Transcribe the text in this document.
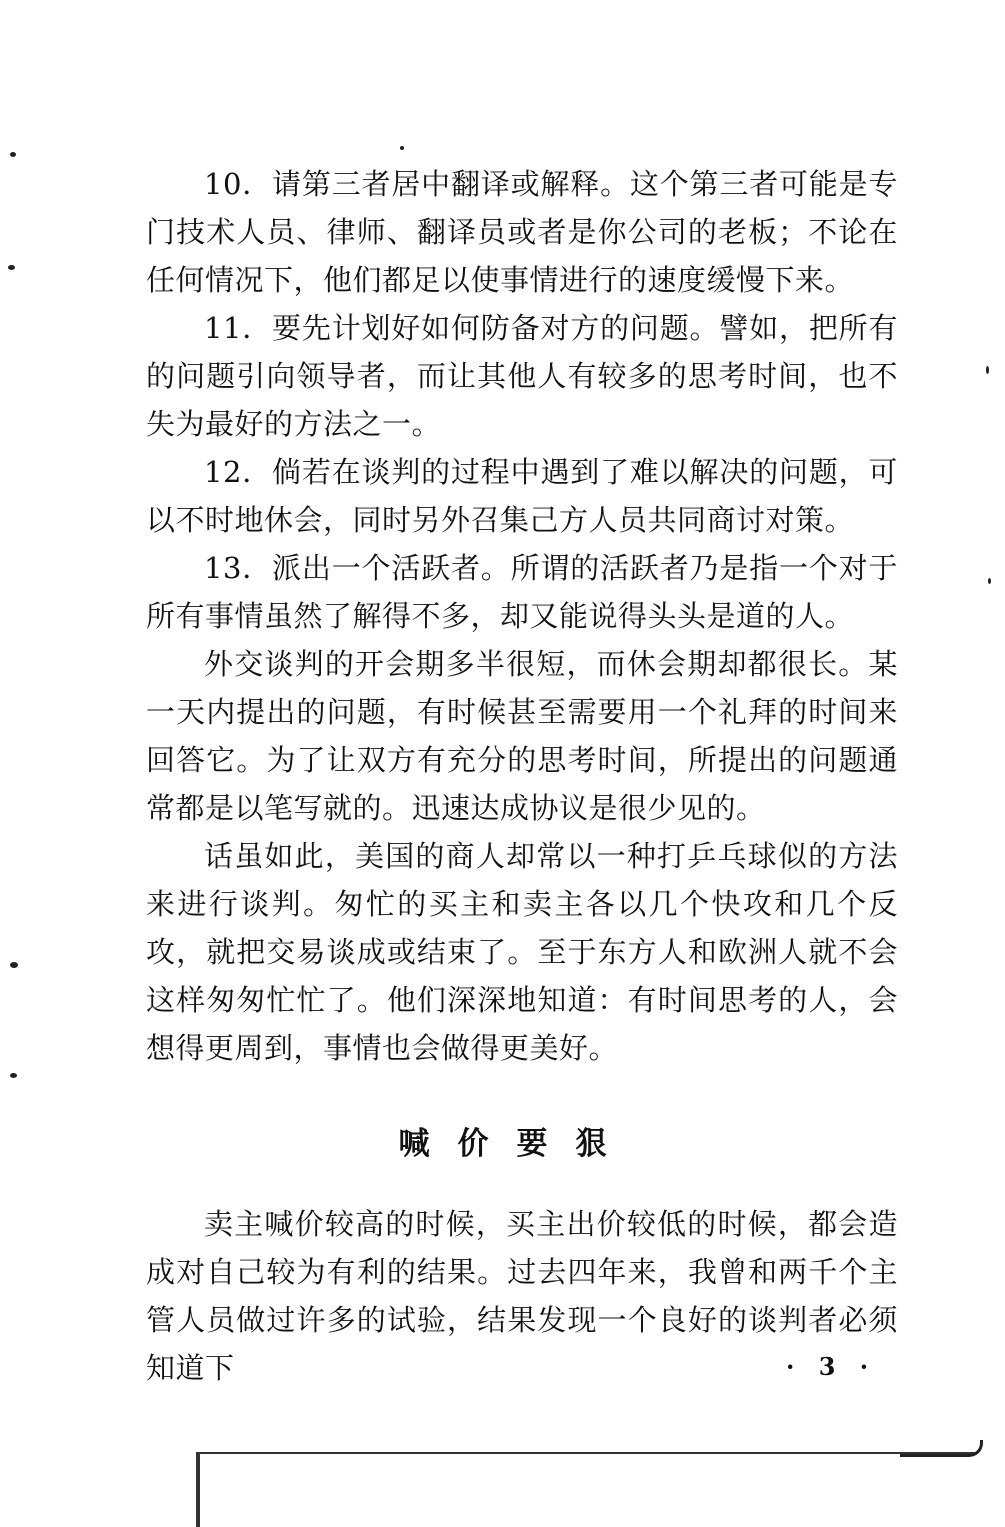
10．请第三者居中翻译或解释。这个第三者可能是专门技术人员、律师、翻译员或者是你公司的老板；不论在任何情况下，他们都足以使事情进行的速度缓慢下来。

11．要先计划好如何防备对方的问题。譬如，把所有的问题引向领导者，而让其他人有较多的思考时间，也不失为最好的方法之一。

12．倘若在谈判的过程中遇到了难以解决的问题，可以不时地休会，同时另外召集己方人员共同商讨对策。

13．派出一个活跃者。所谓的活跃者乃是指一个对于所有事情虽然了解得不多，却又能说得头头是道的人。

外交谈判的开会期多半很短，而休会期却都很长。某一天内提出的问题，有时候甚至需要用一个礼拜的时间来回答它。为了让双方有充分的思考时间，所提出的问题通常都是以笔写就的。迅速达成协议是很少见的。

话虽如此，美国的商人却常以一种打乒乓球似的方法来进行谈判。匆忙的买主和卖主各以几个快攻和几个反攻，就把交易谈成或结束了。至于东方人和欧洲人就不会这样匆匆忙忙了。他们深深地知道：有时间思考的人，会想得更周到，事情也会做得更美好。

喊价要狠

卖主喊价较高的时候，买主出价较低的时候，都会造成对自己较为有利的结果。过去四年来，我曾和两千个主管人员做过许多的试验，结果发现一个良好的谈判者必须知道下	· 3 ·
